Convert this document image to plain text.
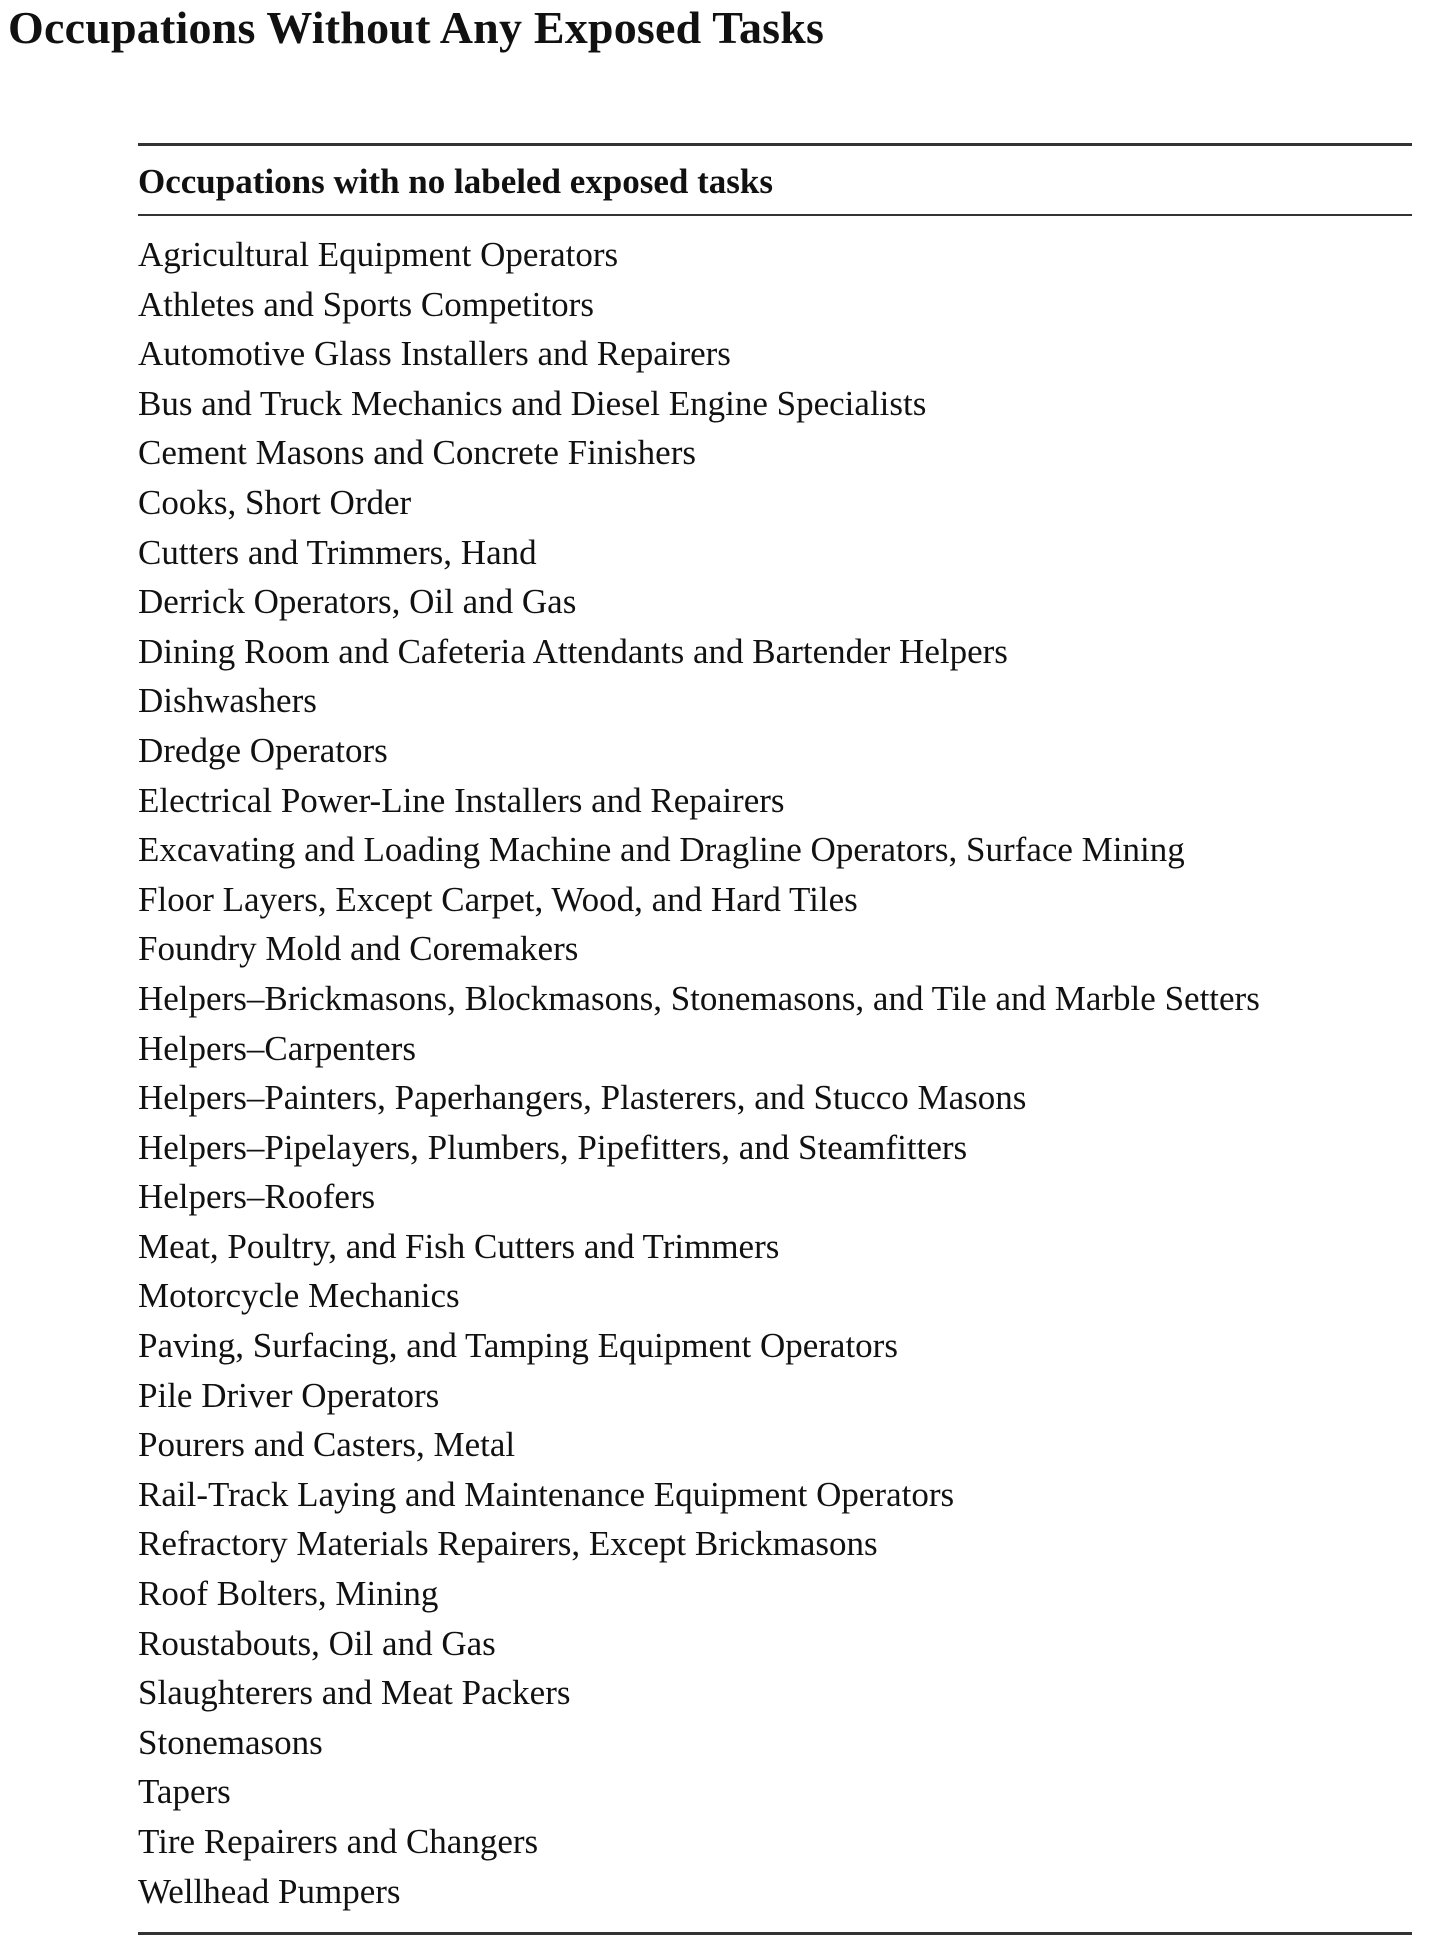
Occupations Without Any Exposed Tasks
Occupations with no labeled exposed tasks
Agricultural Equipment Operators
Athletes and Sports Competitors
Automotive Glass Installers and Repairers
Bus and Truck Mechanics and Diesel Engine Specialists
Cement Masons and Concrete Finishers
Cooks, Short Order
Cutters and Trimmers, Hand
Derrick Operators, Oil and Gas
Dining Room and Cafeteria Attendants and Bartender Helpers
Dishwashers
Dredge Operators
Electrical Power-Line Installers and Repairers
Excavating and Loading Machine and Dragline Operators, Surface Mining
Floor Layers, Except Carpet, Wood, and Hard Tiles
Foundry Mold and Coremakers
Helpers–Brickmasons, Blockmasons, Stonemasons, and Tile and Marble Setters
Helpers–Carpenters
Helpers–Painters, Paperhangers, Plasterers, and Stucco Masons
Helpers–Pipelayers, Plumbers, Pipefitters, and Steamfitters
Helpers–Roofers
Meat, Poultry, and Fish Cutters and Trimmers
Motorcycle Mechanics
Paving, Surfacing, and Tamping Equipment Operators
Pile Driver Operators
Pourers and Casters, Metal
Rail-Track Laying and Maintenance Equipment Operators
Refractory Materials Repairers, Except Brickmasons
Roof Bolters, Mining
Roustabouts, Oil and Gas
Slaughterers and Meat Packers
Stonemasons
Tapers
Tire Repairers and Changers
Wellhead Pumpers
